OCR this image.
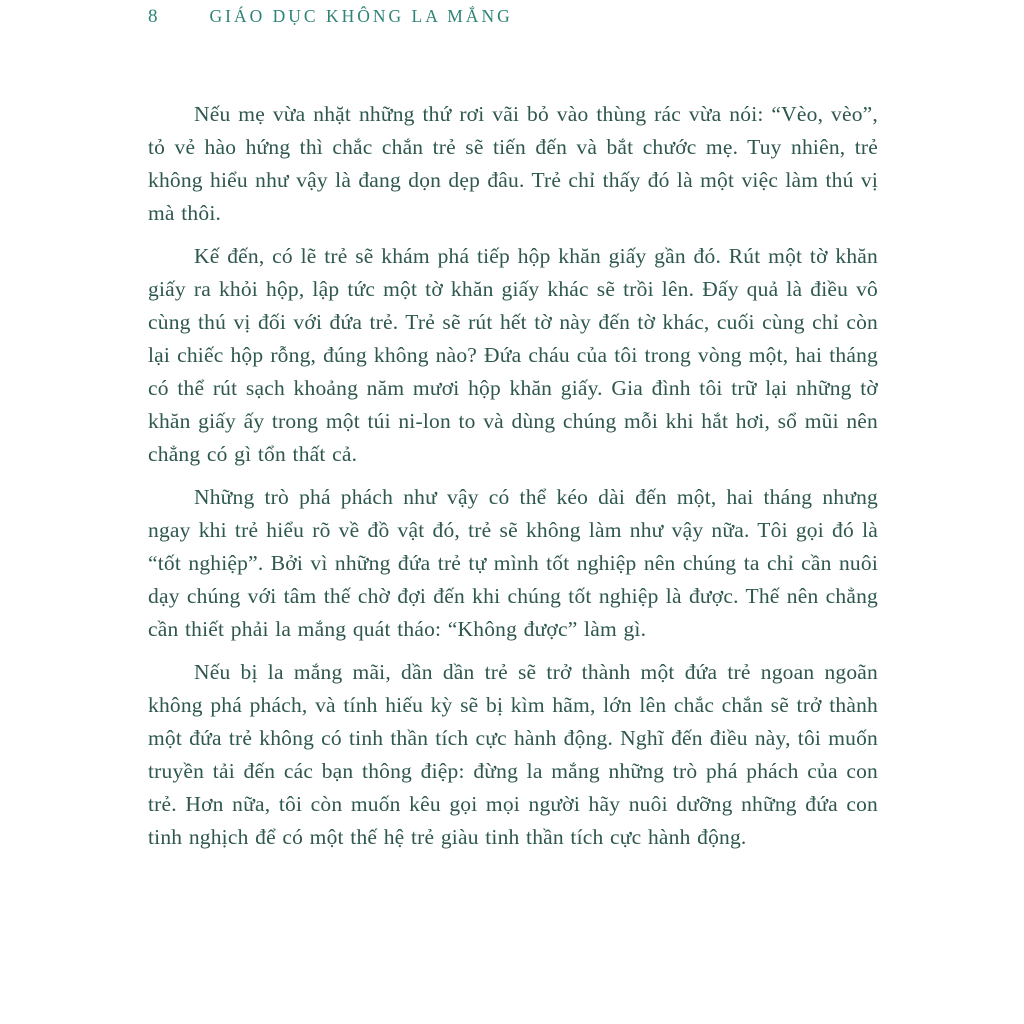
8	GIÁO DỤC KHÔNG LA MẮNG

Nếu mẹ vừa nhặt những thứ rơi vãi bỏ vào thùng rác vừa nói: “Vèo, vèo”, tỏ vẻ hào hứng thì chắc chắn trẻ sẽ tiến đến và bắt chước mẹ. Tuy nhiên, trẻ không hiểu như vậy là đang dọn dẹp đâu. Trẻ chỉ thấy đó là một việc làm thú vị mà thôi.

Kế đến, có lẽ trẻ sẽ khám phá tiếp hộp khăn giấy gần đó. Rút một tờ khăn giấy ra khỏi hộp, lập tức một tờ khăn giấy khác sẽ trồi lên. Đấy quả là điều vô cùng thú vị đối với đứa trẻ. Trẻ sẽ rút hết tờ này đến tờ khác, cuối cùng chỉ còn lại chiếc hộp rỗng, đúng không nào? Đứa cháu của tôi trong vòng một, hai tháng có thể rút sạch khoảng năm mươi hộp khăn giấy. Gia đình tôi trữ lại những tờ khăn giấy ấy trong một túi ni-lon to và dùng chúng mỗi khi hắt hơi, sổ mũi nên chẳng có gì tổn thất cả.

Những trò phá phách như vậy có thể kéo dài đến một, hai tháng nhưng ngay khi trẻ hiểu rõ về đồ vật đó, trẻ sẽ không làm như vậy nữa. Tôi gọi đó là “tốt nghiệp”. Bởi vì những đứa trẻ tự mình tốt nghiệp nên chúng ta chỉ cần nuôi dạy chúng với tâm thế chờ đợi đến khi chúng tốt nghiệp là được. Thế nên chẳng cần thiết phải la mắng quát tháo: “Không được” làm gì.

Nếu bị la mắng mãi, dần dần trẻ sẽ trở thành một đứa trẻ ngoan ngoãn không phá phách, và tính hiếu kỳ sẽ bị kìm hãm, lớn lên chắc chắn sẽ trở thành một đứa trẻ không có tinh thần tích cực hành động. Nghĩ đến điều này, tôi muốn truyền tải đến các bạn thông điệp: đừng la mắng những trò phá phách của con trẻ. Hơn nữa, tôi còn muốn kêu gọi mọi người hãy nuôi dưỡng những đứa con tinh nghịch để có một thế hệ trẻ giàu tinh thần tích cực hành động.
